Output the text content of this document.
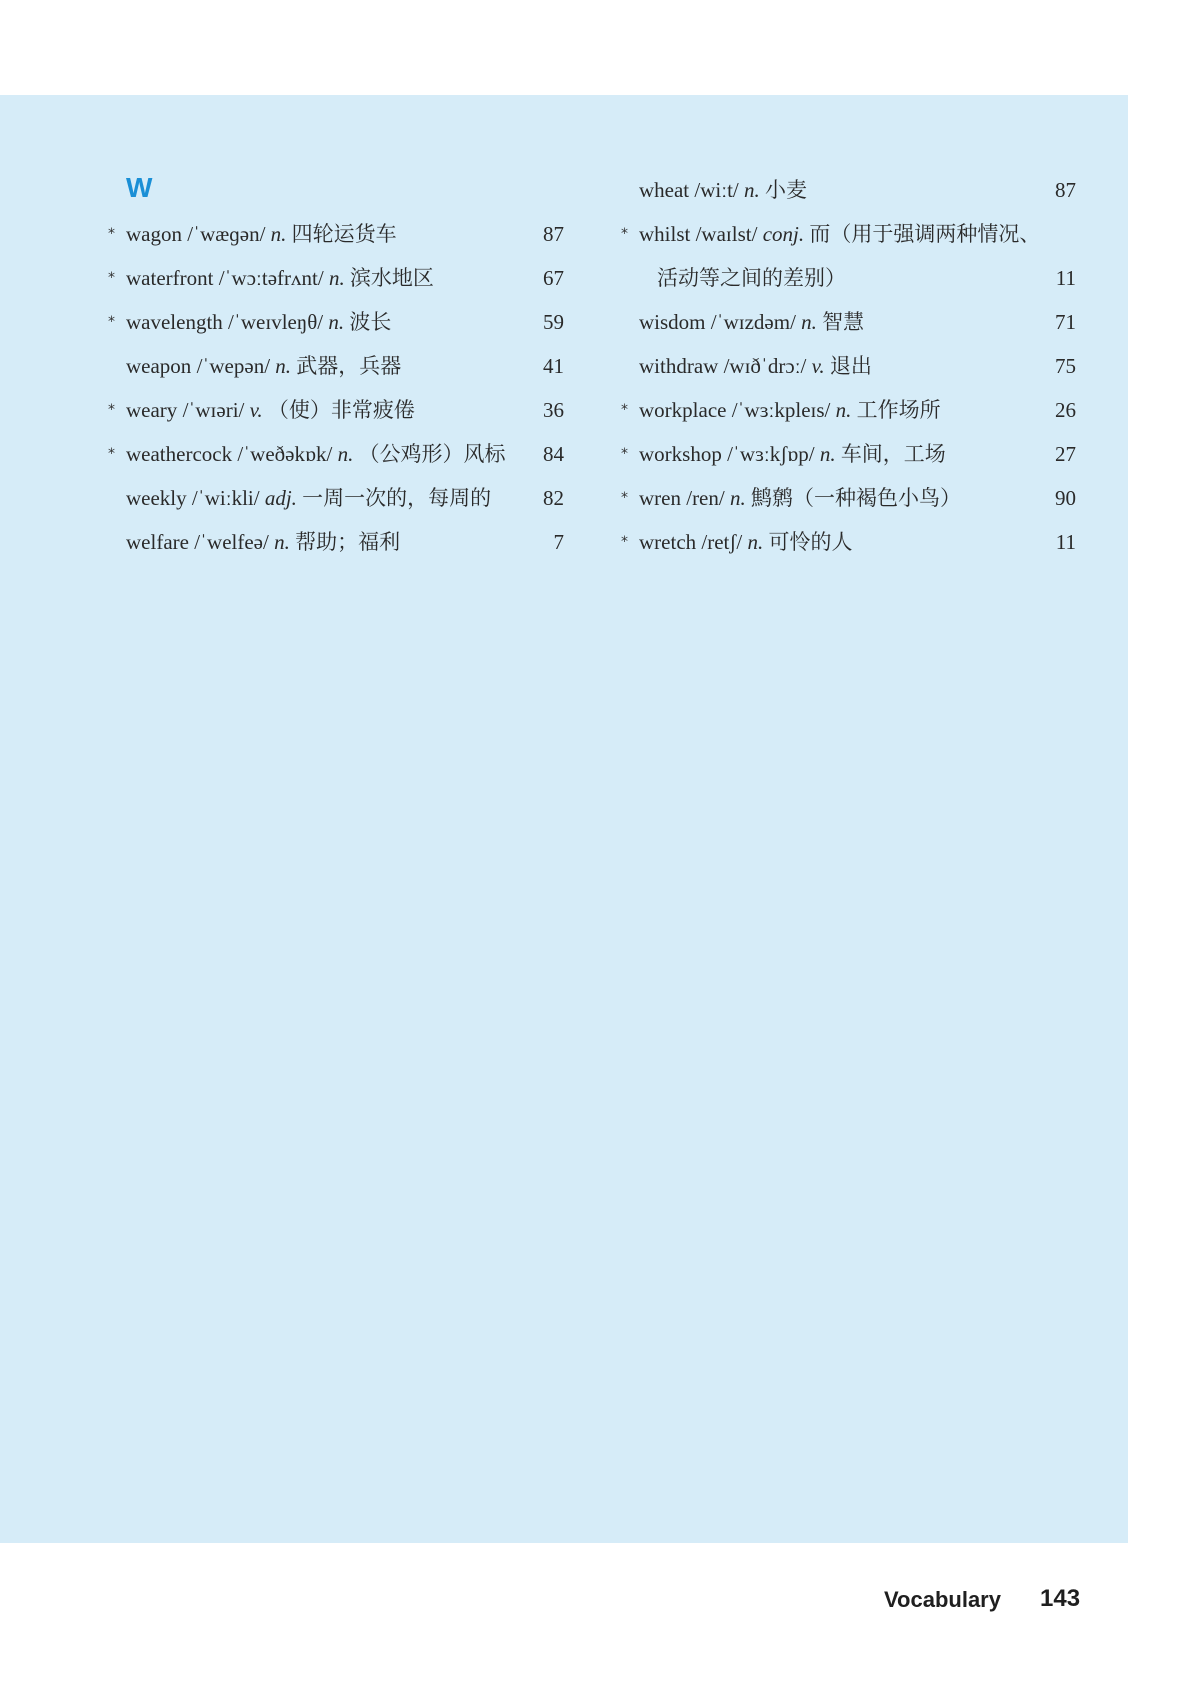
W
* wagon /ˈwæɡən/ n. 四轮运货车	87
* waterfront /ˈwɔːtəfrʌnt/ n. 滨水地区	67
* wavelength /ˈweɪvleŋθ/ n. 波长	59
weapon /ˈwepən/ n. 武器，兵器	41
* weary /ˈwɪəri/ v. （使）非常疲倦	36
* weathercock /ˈweðəkɒk/ n. （公鸡形）风标 84
weekly /ˈwiːkli/ adj. 一周一次的，每周的 82
welfare /ˈwelfeə/ n. 帮助；福利	7
wheat /wiːt/ n. 小麦	87
* whilst /waɪlst/ conj. 而（用于强调两种情况、
活动等之间的差别）	11
wisdom /ˈwɪzdəm/ n. 智慧	71
withdraw /wɪðˈdrɔː/ v. 退出	75
* workplace /ˈwɜːkpleɪs/ n. 工作场所	26
* workshop /ˈwɜːkʃɒp/ n. 车间，工场	27
* wren /ren/ n. 鹪鹩（一种褐色小鸟）	90
* wretch /retʃ/ n. 可怜的人	11
Vocabulary 143
